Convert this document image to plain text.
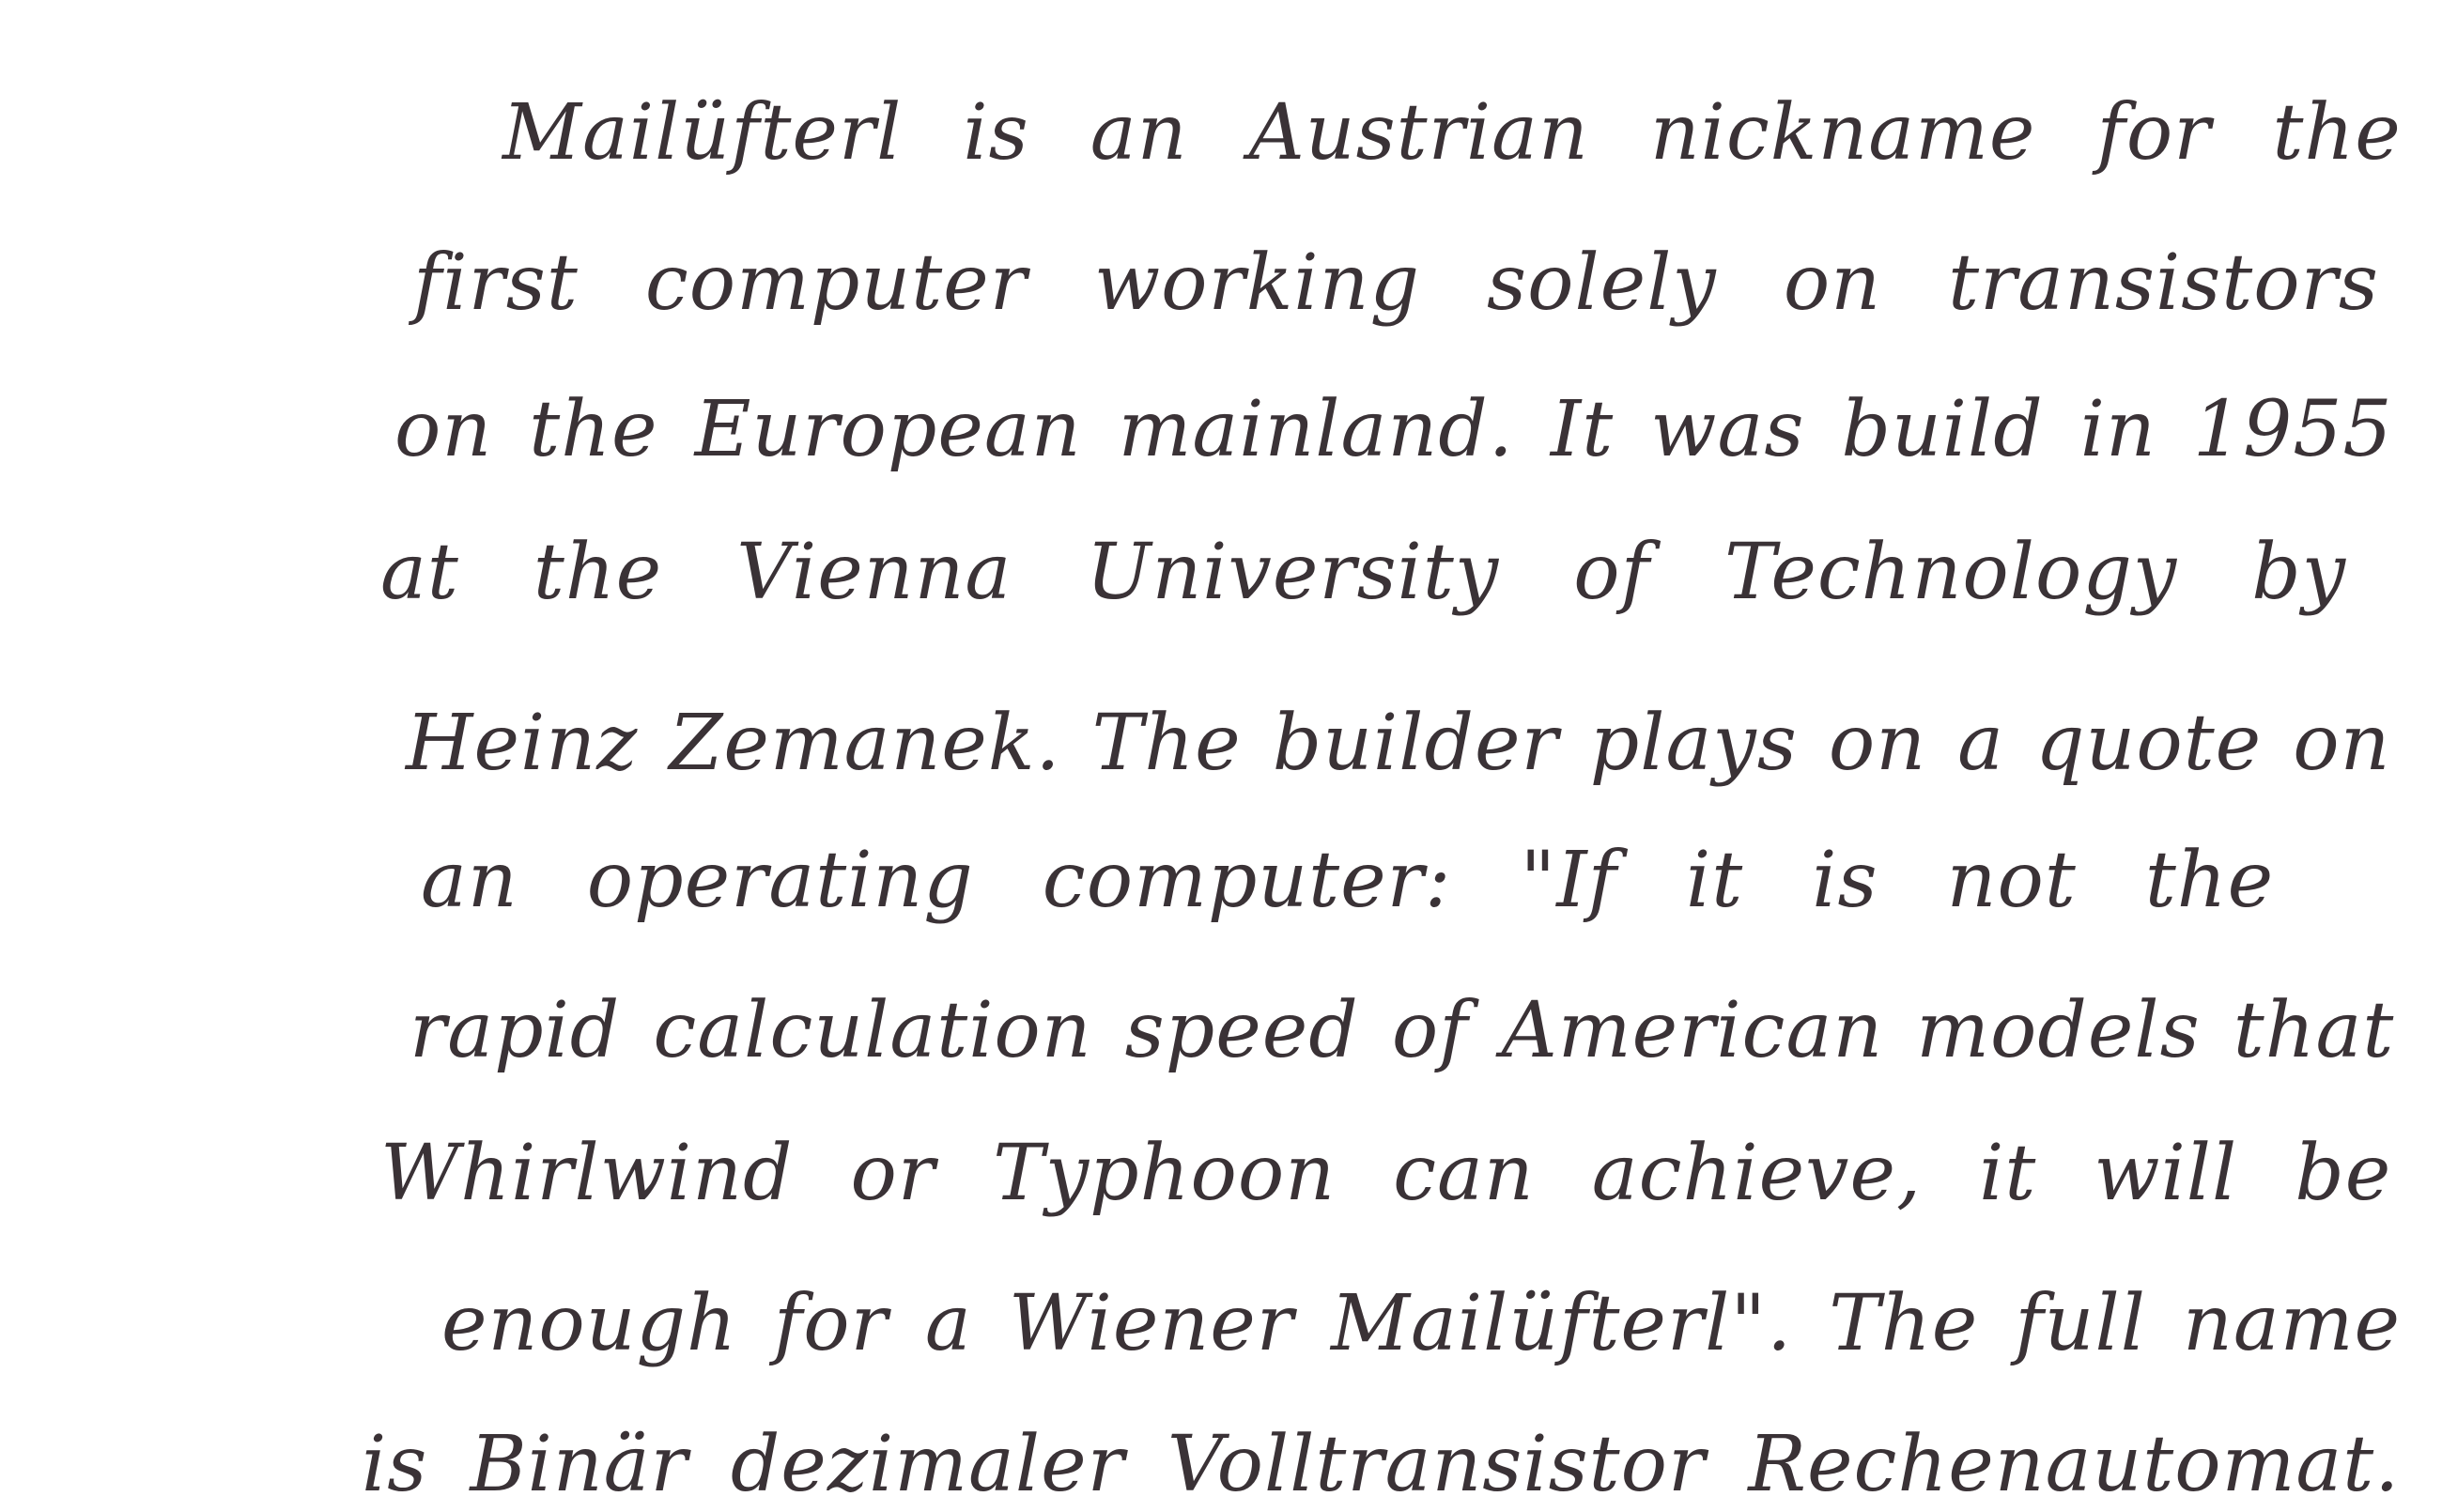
Mailüfterl is an Austrian nickname for the
first computer working solely on transistors
on the European mainland. It was build in 1955
at the Vienna University of Technology by
Heinz Zemanek. The builder plays on a quote on
an operating computer: "If it is not the
rapid calculation speed of American models that
Whirlwind or Typhoon can achieve, it will be
enough for a Wiener Mailüfterl". The full name
is Binär dezimaler Volltransistor Rechenautomat.
